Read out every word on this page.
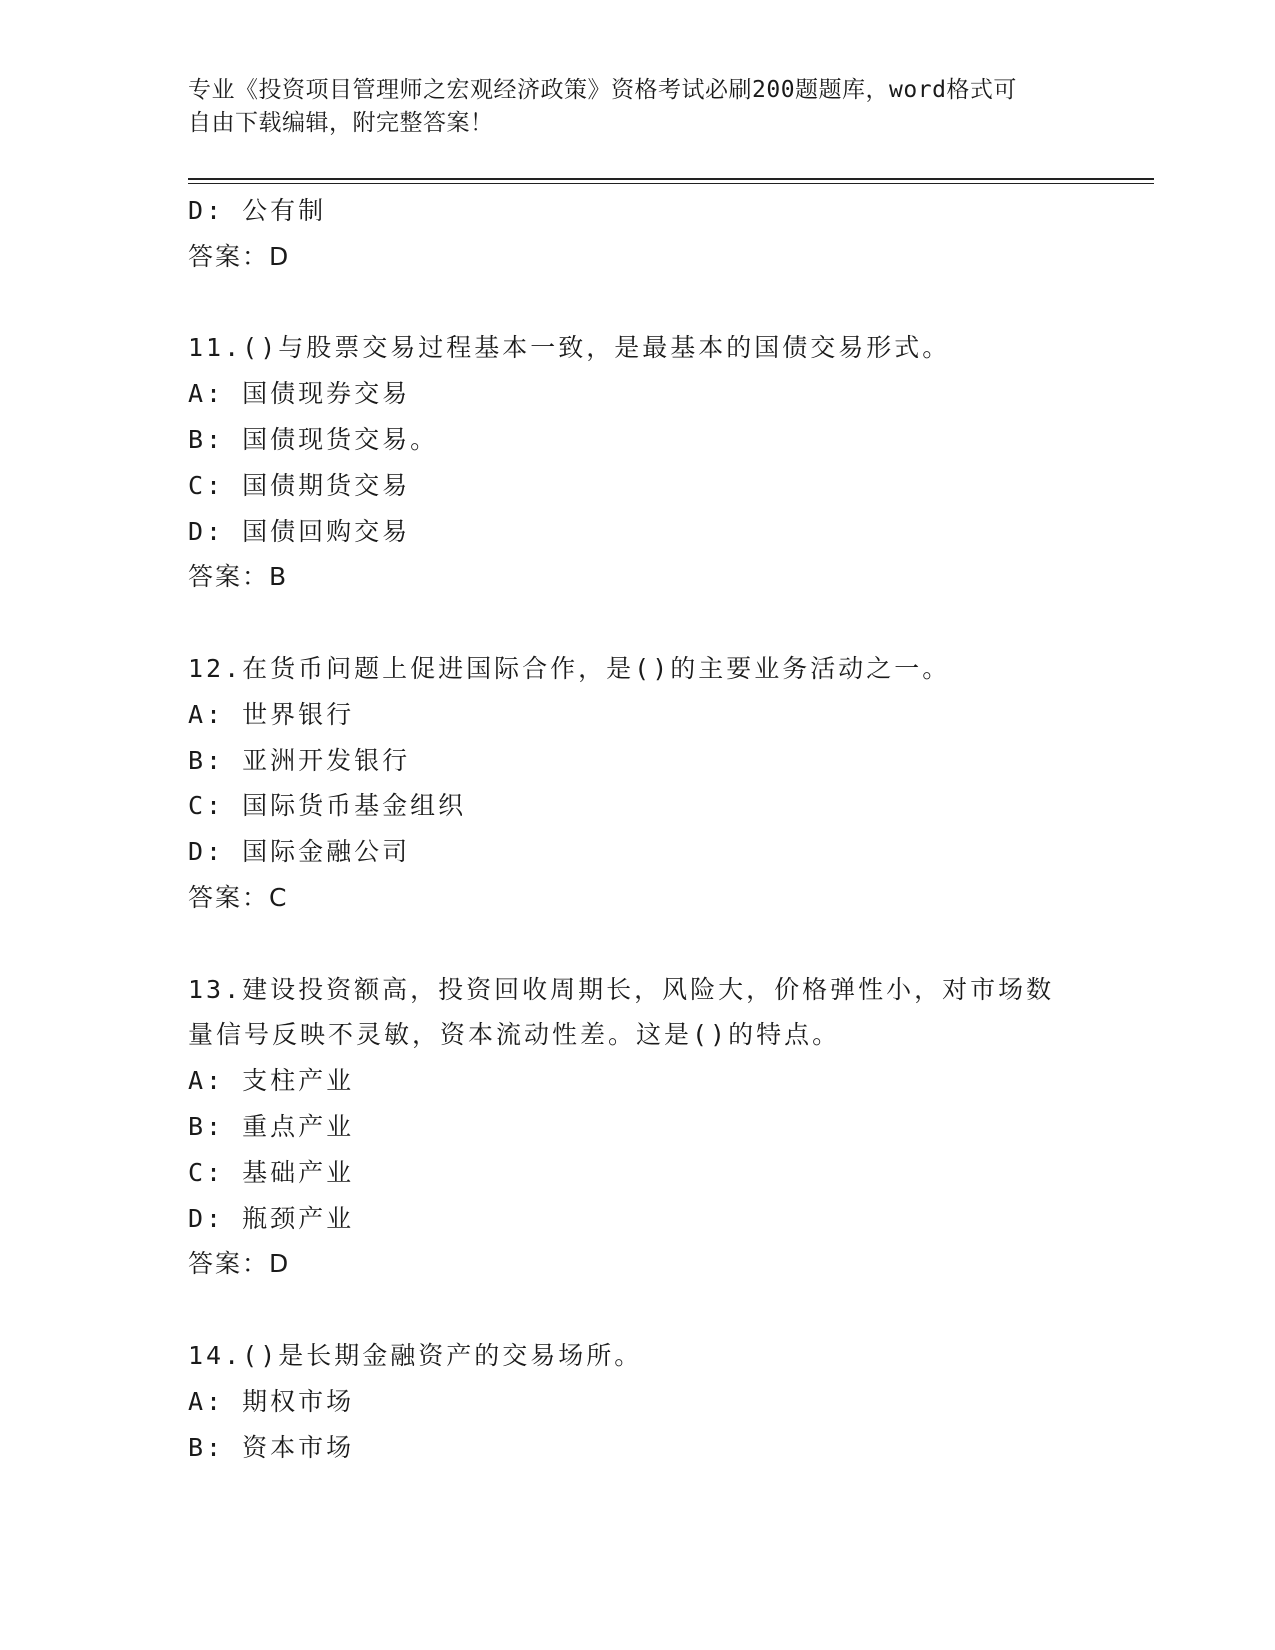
专业《投资项目管理师之宏观经济政策》资格考试必刷200题题库，word格式可
自由下载编辑，附完整答案！
D: 公有制
答案：D
11.()与股票交易过程基本一致，是最基本的国债交易形式。
A: 国债现券交易
B: 国债现货交易。
C: 国债期货交易
D: 国债回购交易
答案：B
12.在货币问题上促进国际合作，是()的主要业务活动之一。
A: 世界银行
B: 亚洲开发银行
C: 国际货币基金组织
D: 国际金融公司
答案：C
13.建设投资额高，投资回收周期长，风险大，价格弹性小，对市场数
量信号反映不灵敏，资本流动性差。这是()的特点。
A: 支柱产业
B: 重点产业
C: 基础产业
D: 瓶颈产业
答案：D
14.()是长期金融资产的交易场所。
A: 期权市场
B: 资本市场
